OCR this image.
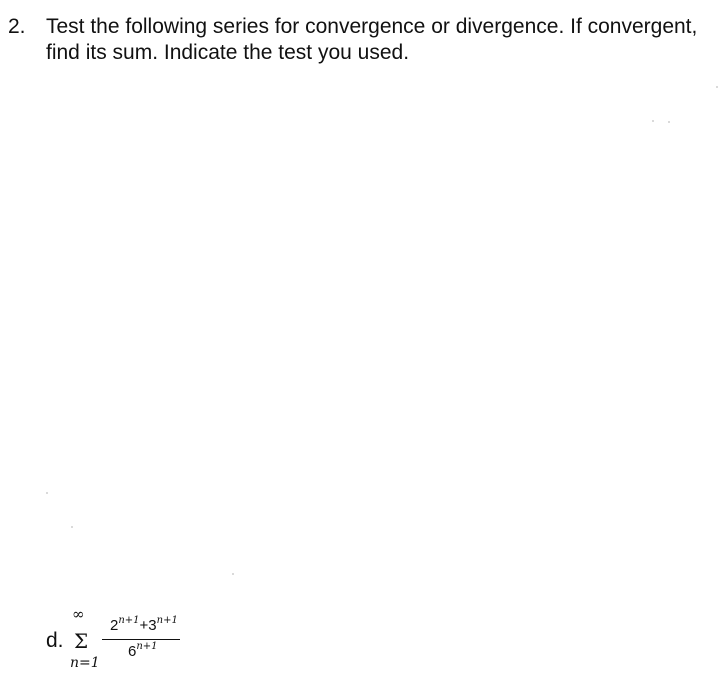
2. Test the following series for convergence or divergence. If convergent, find its sum. Indicate the test you used.
d.
∞
Σ
n=1
$2^{n+1}+3^{n+1}$
$6^{n+1}$
